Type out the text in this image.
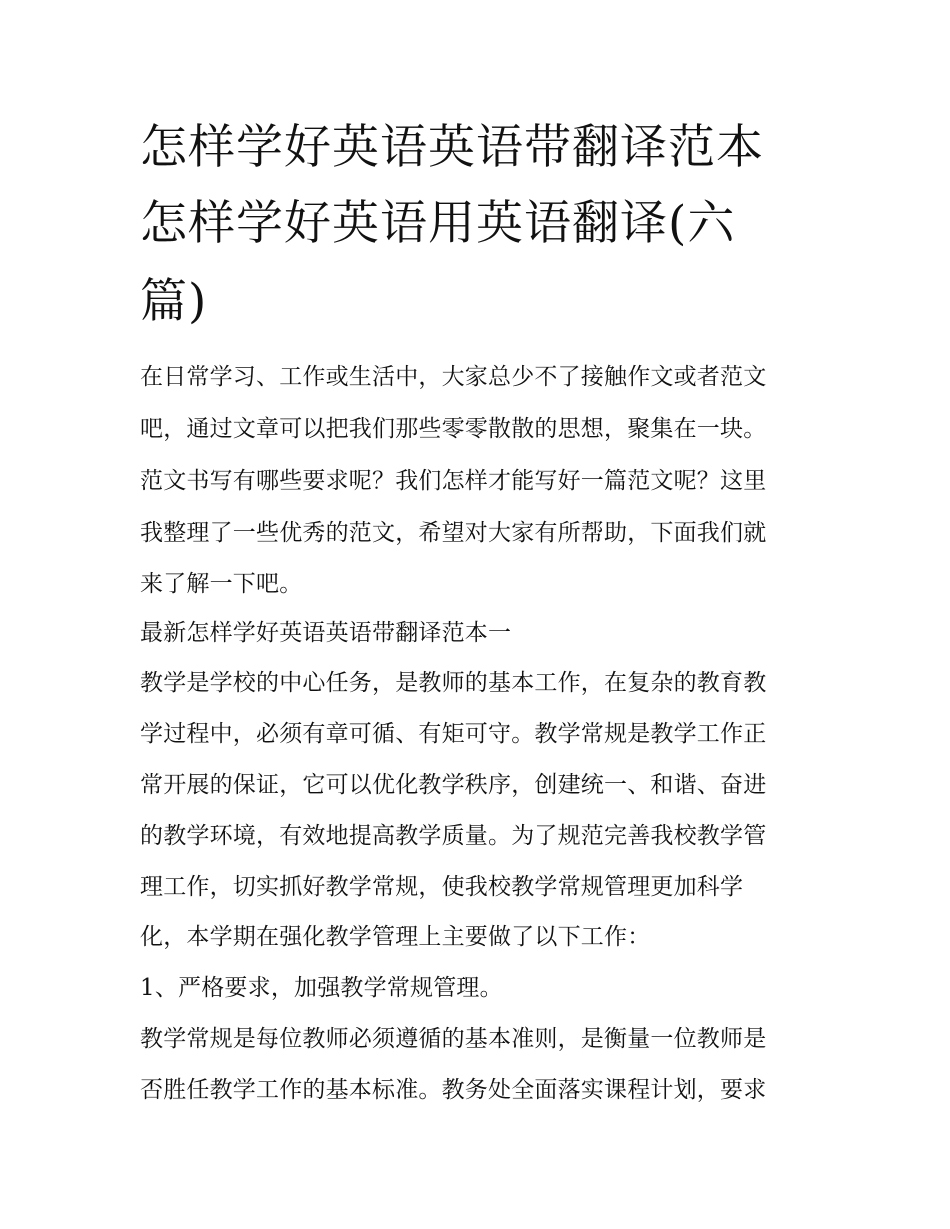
怎样学好英语英语带翻译范本
怎样学好英语用英语翻译(六
篇)

在日常学习、工作或生活中，大家总少不了接触作文或者范文

吧，通过文章可以把我们那些零零散散的思想，聚集在一块。

范文书写有哪些要求呢？我们怎样才能写好一篇范文呢？这里

我整理了一些优秀的范文，希望对大家有所帮助，下面我们就

来了解一下吧。

最新怎样学好英语英语带翻译范本一

教学是学校的中心任务，是教师的基本工作，在复杂的教育教

学过程中，必须有章可循、有矩可守。教学常规是教学工作正

常开展的保证，它可以优化教学秩序，创建统一、和谐、奋进

的教学环境，有效地提高教学质量。为了规范完善我校教学管

理工作，切实抓好教学常规，使我校教学常规管理更加科学

化，本学期在强化教学管理上主要做了以下工作：

1、严格要求，加强教学常规管理。

教学常规是每位教师必须遵循的基本准则，是衡量一位教师是

否胜任教学工作的基本标准。教务处全面落实课程计划，要求
